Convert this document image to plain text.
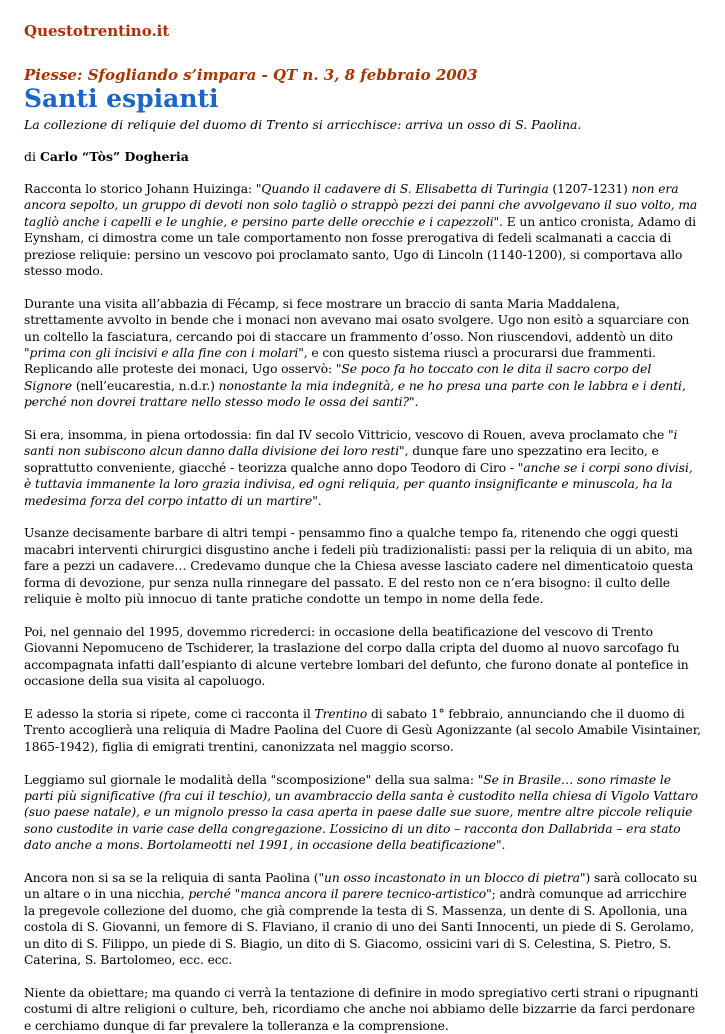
Questotrentino.it
Piesse: Sfogliando s’impara - QT n. 3, 8 febbraio 2003
Santi espianti
La collezione di reliquie del duomo di Trento si arricchisce: arriva un osso di S. Paolina.
di Carlo “Tòs” Dogheria

Racconta lo storico Johann Huizinga: "Quando il cadavere di S. Elisabetta di Turingia (1207-1231) non era ancora sepolto, un gruppo di devoti non solo tagliò o strappò pezzi dei panni che avvolgevano il suo volto, ma tagliò anche i capelli e le unghie, e persino parte delle orecchie e i capezzoli". E un antico cronista, Adamo di Eynsham, ci dimostra come un tale comportamento non fosse prerogativa di fedeli scalmanati a caccia di preziose reliquie: persino un vescovo poi proclamato santo, Ugo di Lincoln (1140-1200), si comportava allo stesso modo.

Durante una visita all’abbazia di Fécamp, si fece mostrare un braccio di santa Maria Maddalena, strettamente avvolto in bende che i monaci non avevano mai osato svolgere. Ugo non esitò a squarciare con un coltello la fasciatura, cercando poi di staccare un frammento d’osso. Non riuscendovi, addentò un dito "prima con gli incisivi e alla fine con i molari", e con questo sistema riuscì a procurarsi due frammenti. Replicando alle proteste dei monaci, Ugo osservò: "Se poco fa ho toccato con le dita il sacro corpo del Signore (nell’eucarestia, n.d.r.) nonostante la mia indegnità, e ne ho presa una parte con le labbra e i denti, perché non dovrei trattare nello stesso modo le ossa dei santi?".

Si era, insomma, in piena ortodossia: fin dal IV secolo Vittricio, vescovo di Rouen, aveva proclamato che "i santi non subiscono alcun danno dalla divisione dei loro resti", dunque fare uno spezzatino era lecito, e soprattutto conveniente, giacché - teorizza qualche anno dopo Teodoro di Ciro - "anche se i corpi sono divisi, è tuttavia immanente la loro grazia indivisa, ed ogni reliquia, per quanto insignificante e minuscola, ha la medesima forza del corpo intatto di un martire".

Usanze decisamente barbare di altri tempi - pensammo fino a qualche tempo fa, ritenendo che oggi questi macabri interventi chirurgici disgustino anche i fedeli più tradizionalisti: passi per la reliquia di un abito, ma fare a pezzi un cadavere… Credevamo dunque che la Chiesa avesse lasciato cadere nel dimenticatoio questa forma di devozione, pur senza nulla rinnegare del passato. E del resto non ce n’era bisogno: il culto delle reliquie è molto più innocuo di tante pratiche condotte un tempo in nome della fede.

Poi, nel gennaio del 1995, dovemmo ricrederci: in occasione della beatificazione del vescovo di Trento Giovanni Nepomuceno de Tschiderer, la traslazione del corpo dalla cripta del duomo al nuovo sarcofago fu accompagnata infatti dall’espianto di alcune vertebre lombari del defunto, che furono donate al pontefice in occasione della sua visita al capoluogo.

E adesso la storia si ripete, come ci racconta il Trentino di sabato 1° febbraio, annunciando che il duomo di Trento accoglierà una reliquia di Madre Paolina del Cuore di Gesù Agonizzante (al secolo Amabile Visintainer, 1865-1942), figlia di emigrati trentini, canonizzata nel maggio scorso.

Leggiamo sul giornale le modalità della "scomposizione" della sua salma: "Se in Brasile… sono rimaste le parti più significative (fra cui il teschio), un avambraccio della santa è custodito nella chiesa di Vigolo Vattaro (suo paese natale), e un mignolo presso la casa aperta in paese dalle sue suore, mentre altre piccole reliquie sono custodite in varie case della congregazione. L’ossicino di un dito – racconta don Dallabrida – era stato dato anche a mons. Bortolameotti nel 1991, in occasione della beatificazione".

Ancora non si sa se la reliquia di santa Paolina ("un osso incastonato in un blocco di pietra") sarà collocato su un altare o in una nicchia, perché "manca ancora il parere tecnico-artistico"; andrà comunque ad arricchire la pregevole collezione del duomo, che già comprende la testa di S. Massenza, un dente di S. Apollonia, una costola di S. Giovanni, un femore di S. Flaviano, il cranio di uno dei Santi Innocenti, un piede di S. Gerolamo, un dito di S. Filippo, un piede di S. Biagio, un dito di S. Giacomo, ossicini vari di S. Celestina, S. Pietro, S. Caterina, S. Bartolomeo, ecc. ecc.

Niente da obiettare; ma quando ci verrà la tentazione di definire in modo spregiativo certi strani o ripugnanti costumi di altre religioni o culture, beh, ricordiamo che anche noi abbiamo delle bizzarrie da farci perdonare e cerchiamo dunque di far prevalere la tolleranza e la comprensione.
